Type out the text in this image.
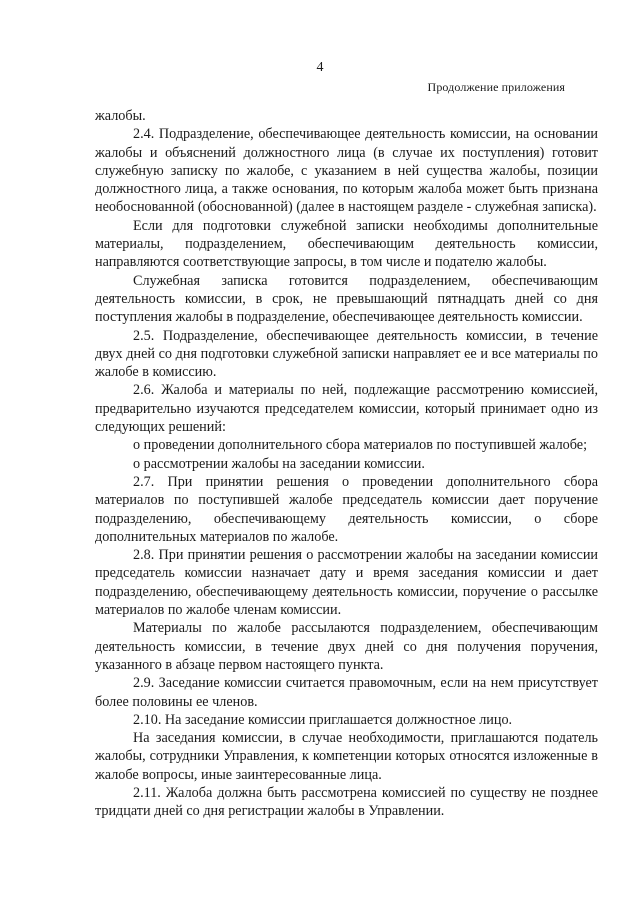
4
Продолжение приложения

жалобы.

2.4. Подразделение, обеспечивающее деятельность комиссии, на основании жалобы и объяснений должностного лица (в случае их поступления) готовит служебную записку по жалобе, с указанием в ней существа жалобы, позиции должностного лица, а также основания, по которым жалоба может быть признана необоснованной (обоснованной) (далее в настоящем разделе - служебная записка).

Если для подготовки служебной записки необходимы дополнительные материалы, подразделением, обеспечивающим деятельность комиссии, направляются соответствующие запросы, в том числе и подателю жалобы.

Служебная записка готовится подразделением, обеспечивающим деятельность комиссии, в срок, не превышающий пятнадцать дней со дня поступления жалобы в подразделение, обеспечивающее деятельность комиссии.

2.5. Подразделение, обеспечивающее деятельность комиссии, в течение двух дней со дня подготовки служебной записки направляет ее и все материалы по жалобе в комиссию.

2.6. Жалоба и материалы по ней, подлежащие рассмотрению комиссией, предварительно изучаются председателем комиссии, который принимает одно из следующих решений:

о проведении дополнительного сбора материалов по поступившей жалобе;

о рассмотрении жалобы на заседании комиссии.

2.7. При принятии решения о проведении дополнительного сбора материалов по поступившей жалобе председатель комиссии дает поручение подразделению, обеспечивающему деятельность комиссии, о сборе дополнительных материалов по жалобе.

2.8. При принятии решения о рассмотрении жалобы на заседании комиссии председатель комиссии назначает дату и время заседания комиссии и дает подразделению, обеспечивающему деятельность комиссии, поручение о рассылке материалов по жалобе членам комиссии.

Материалы по жалобе рассылаются подразделением, обеспечивающим деятельность комиссии, в течение двух дней со дня получения поручения, указанного в абзаце первом настоящего пункта.

2.9. Заседание комиссии считается правомочным, если на нем присутствует более половины ее членов.

2.10. На заседание комиссии приглашается должностное лицо.

На заседания комиссии, в случае необходимости, приглашаются податель жалобы, сотрудники Управления, к компетенции которых относятся изложенные в жалобе вопросы, иные заинтересованные лица.

2.11. Жалоба должна быть рассмотрена комиссией по существу не позднее тридцати дней со дня регистрации жалобы в Управлении.
